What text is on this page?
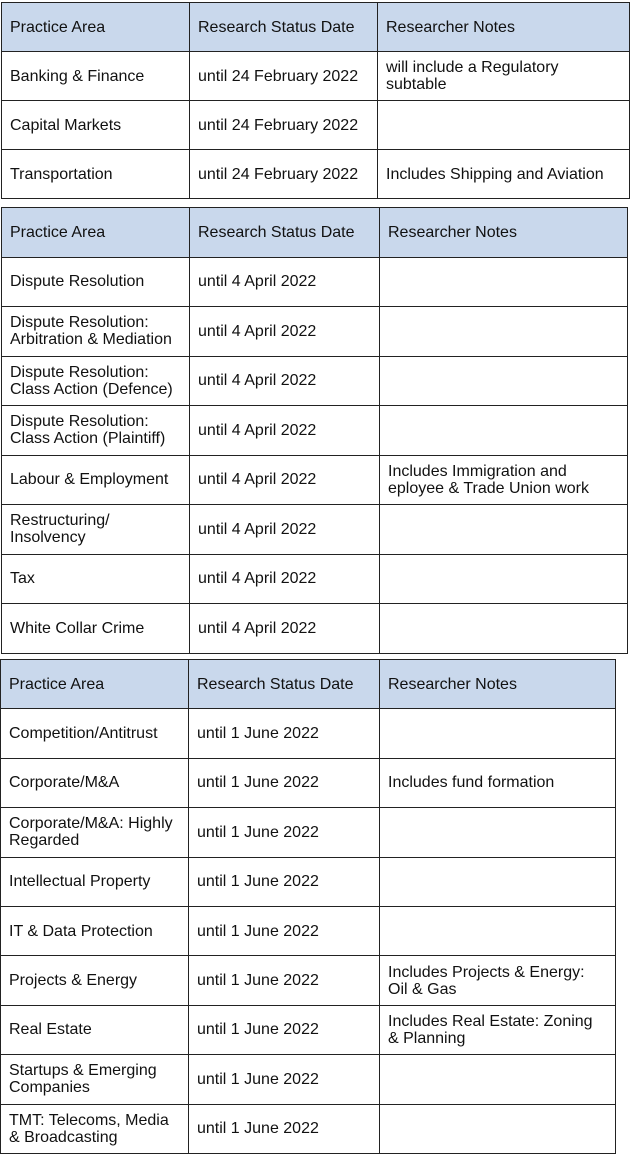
Practice Area	Research Status Date	Researcher Notes
Banking & Finance	until 24 February 2022	will include a Regulatory subtable
Capital Markets	until 24 February 2022	
Transportation	until 24 February 2022	Includes Shipping and Aviation
Practice Area	Research Status Date	Researcher Notes
Dispute Resolution	until 4 April 2022	

Dispute Resolution: Arbitration & Mediation	until 4 April 2022	

Dispute Resolution: Class Action (Defence)	until 4 April 2022	
Dispute Resolution: Class Action (Plaintiff)	until 4 April 2022	
Labour & Employment	until 4 April 2022	Includes Immigration and eployee & Trade Union work
Restructuring/ Insolvency	until 4 April 2022	
Tax	until 4 April 2022	
White Collar Crime	until 4 April 2022	
Practice Area	Research Status Date	Researcher Notes
Competition/Antitrust	until 1 June 2022	
Corporate/M&A	until 1 June 2022	Includes fund formation
Corporate/M&A: Highly Regarded	until 1 June 2022	
Intellectual Property	until 1 June 2022	
IT & Data Protection	until 1 June 2022	
Projects & Energy	until 1 June 2022	Includes Projects & Energy: Oil & Gas
Real Estate	until 1 June 2022	Includes Real Estate: Zoning & Planning
Startups & Emerging Companies	until 1 June 2022	
TMT: Telecoms, Media & Broadcasting	until 1 June 2022	
